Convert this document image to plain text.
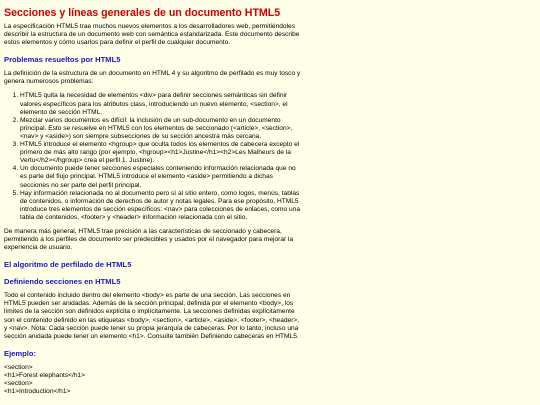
Secciones y líneas generales de un documento HTML5

La especificación HTML5 trae muchos nuevos elementos a los desarrolladores web, permitiéndoles describir la estructura de un documento web con semántica estandarizada. Este documento describe estos elementos y cómo usarlos para definir el perfil de cualquier documento.

Problemas resueltos por HTML5

La definición de la estructura de un documento en HTML 4 y su algoritmo de perfilado es muy tosco y genera numerosos problemas:

1. HTML5 quita la necesidad de elementos <div> para definir secciones semánticas sin definir valores específicos para los atributos class, introduciendo un nuevo elemento, <section>, el elemento de sección HTML.
2. Mezclar varios documentos es difícil: la inclusión de un sub-documento en un documento principal. Esto se resuelve en HTML5 con los elementos de seccionado (<article>, <section>, <nav> y <aside>) son siempre subsecciones de su sección ancestra más cercana.
3. HTML5 introduce el elemento <hgroup> que oculta todos los elementos de cabecera excepto el primero de más alto rango (por ejemplo, <hgroup><h1>Justine</h1><h2>Les Malheurs de la Vertu</h2></hgroup> crea el perfil 1. Justine).
4. Un documento puede tener secciones especiales conteniendo información relacionada que no es parte del flujo principal. HTML5 introduce el elemento <aside> permitiendo a dichas secciones no ser parte del perfil principal.
5. Hay información relacionada no al documento pero sí al sitio entero, como logos, menús, tablas de contenidos, o información de derechos de autor y notas legales. Para ese propósito, HTML5 introduce tres elementos de sección específicos: <nav> para colecciones de enlaces, como una tabla de contenidos, <footer> y <header> información relacionada con el sitio.

De manera más general, HTML5 trae precisión a las características de seccionado y cabecera, permitiendo a los perfiles de documento ser predecibles y usados por el navegador para mejorar la experiencia de usuario.

El algoritmo de perfilado de HTML5
Definiendo secciones en HTML5

Todo el contenido incluido dentro del elemento <body> es parte de una sección. Las secciones en HTML5 pueden ser anidadas. Además de la sección principal, definida por el elemento <body>, los límites de la sección son definidos explícita o implícitamente. La secciones definidas explícitamente son el contenido definido en las etiquetas <body>, <section>, <article>, <aside>, <footer>, <header>, y <nav>. Nota: Cada sección puede tener su propia jerarquía de cabeceras. Por lo tanto, incluso una sección anidada puede tener un elemento <h1>. Consulte también Definiendo cabeceras en HTML5.

Ejemplo:
<section>
<h1>Forest elephants</h1>
<section>
<h1>Introduction</h1>
